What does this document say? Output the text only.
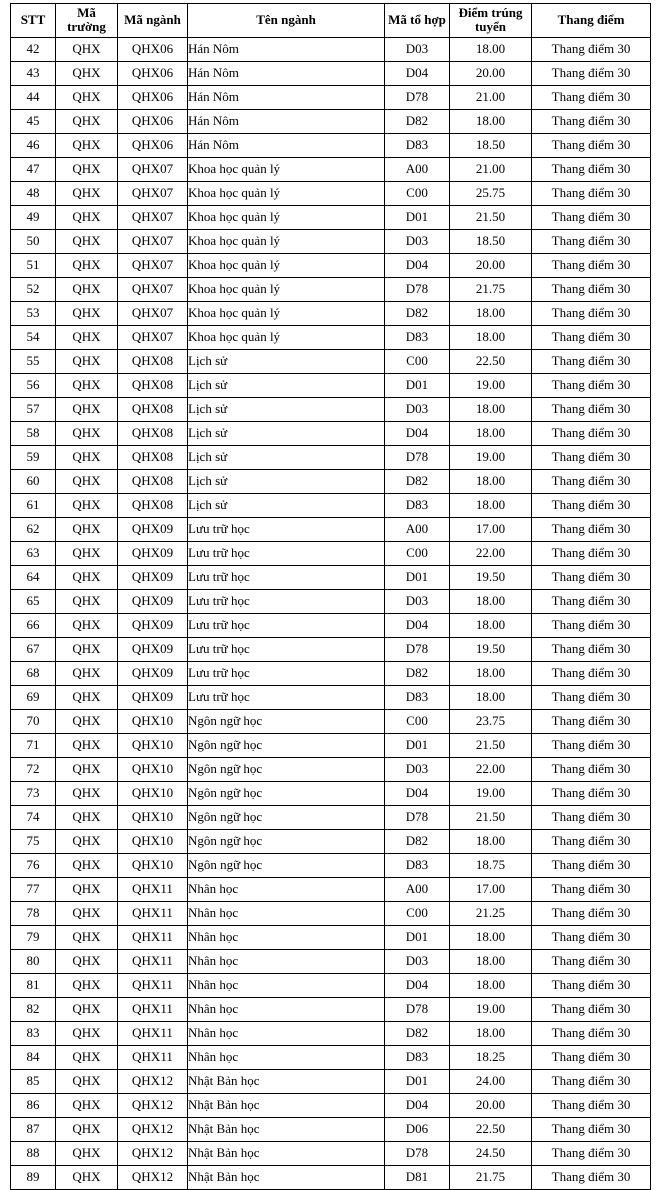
STT	Mã trường	Mã ngành	Tên ngành	Mã tổ hợp	Điểm trúng tuyển	Thang điểm
42	QHX	QHX06	Hán Nôm	D03	18.00	Thang điểm 30
43	QHX	QHX06	Hán Nôm	D04	20.00	Thang điểm 30
44	QHX	QHX06	Hán Nôm	D78	21.00	Thang điểm 30
45	QHX	QHX06	Hán Nôm	D82	18.00	Thang điểm 30
46	QHX	QHX06	Hán Nôm	D83	18.50	Thang điểm 30
47	QHX	QHX07	Khoa học quản lý	A00	21.00	Thang điểm 30
48	QHX	QHX07	Khoa học quản lý	C00	25.75	Thang điểm 30
49	QHX	QHX07	Khoa học quản lý	D01	21.50	Thang điểm 30
50	QHX	QHX07	Khoa học quản lý	D03	18.50	Thang điểm 30
51	QHX	QHX07	Khoa học quản lý	D04	20.00	Thang điểm 30
52	QHX	QHX07	Khoa học quản lý	D78	21.75	Thang điểm 30
53	QHX	QHX07	Khoa học quản lý	D82	18.00	Thang điểm 30
54	QHX	QHX07	Khoa học quản lý	D83	18.00	Thang điểm 30
55	QHX	QHX08	Lịch sử	C00	22.50	Thang điểm 30
56	QHX	QHX08	Lịch sử	D01	19.00	Thang điểm 30
57	QHX	QHX08	Lịch sử	D03	18.00	Thang điểm 30
58	QHX	QHX08	Lịch sử	D04	18.00	Thang điểm 30
59	QHX	QHX08	Lịch sử	D78	19.00	Thang điểm 30
60	QHX	QHX08	Lịch sử	D82	18.00	Thang điểm 30
61	QHX	QHX08	Lịch sử	D83	18.00	Thang điểm 30
62	QHX	QHX09	Lưu trữ học	A00	17.00	Thang điểm 30
63	QHX	QHX09	Lưu trữ học	C00	22.00	Thang điểm 30
64	QHX	QHX09	Lưu trữ học	D01	19.50	Thang điểm 30
65	QHX	QHX09	Lưu trữ học	D03	18.00	Thang điểm 30
66	QHX	QHX09	Lưu trữ học	D04	18.00	Thang điểm 30
67	QHX	QHX09	Lưu trữ học	D78	19.50	Thang điểm 30
68	QHX	QHX09	Lưu trữ học	D82	18.00	Thang điểm 30
69	QHX	QHX09	Lưu trữ học	D83	18.00	Thang điểm 30
70	QHX	QHX10	Ngôn ngữ học	C00	23.75	Thang điểm 30
71	QHX	QHX10	Ngôn ngữ học	D01	21.50	Thang điểm 30
72	QHX	QHX10	Ngôn ngữ học	D03	22.00	Thang điểm 30
73	QHX	QHX10	Ngôn ngữ học	D04	19.00	Thang điểm 30
74	QHX	QHX10	Ngôn ngữ học	D78	21.50	Thang điểm 30
75	QHX	QHX10	Ngôn ngữ học	D82	18.00	Thang điểm 30
76	QHX	QHX10	Ngôn ngữ học	D83	18.75	Thang điểm 30
77	QHX	QHX11	Nhân học	A00	17.00	Thang điểm 30
78	QHX	QHX11	Nhân học	C00	21.25	Thang điểm 30
79	QHX	QHX11	Nhân học	D01	18.00	Thang điểm 30
80	QHX	QHX11	Nhân học	D03	18.00	Thang điểm 30
81	QHX	QHX11	Nhân học	D04	18.00	Thang điểm 30
82	QHX	QHX11	Nhân học	D78	19.00	Thang điểm 30
83	QHX	QHX11	Nhân học	D82	18.00	Thang điểm 30
84	QHX	QHX11	Nhân học	D83	18.25	Thang điểm 30
85	QHX	QHX12	Nhật Bản học	D01	24.00	Thang điểm 30
86	QHX	QHX12	Nhật Bản học	D04	20.00	Thang điểm 30
87	QHX	QHX12	Nhật Bản học	D06	22.50	Thang điểm 30
88	QHX	QHX12	Nhật Bản học	D78	24.50	Thang điểm 30
89	QHX	QHX12	Nhật Bản học	D81	21.75	Thang điểm 30
